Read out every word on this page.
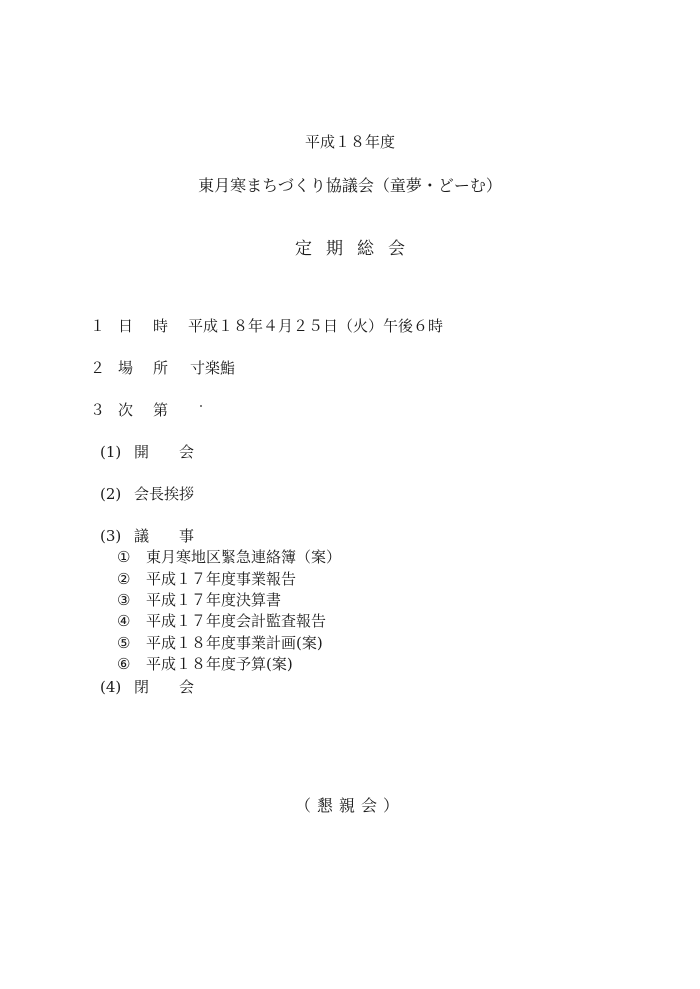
平成１８年度
東月寒まちづくり協議会（童夢・どーむ）
定期総会
１ 日時 平成１８年４月２５日（火）午後６時
２ 場所 寸楽鮨
３ 次第
(1) 開会
(2) 会長挨拶
(3) 議事
① 東月寒地区緊急連絡簿（案）
② 平成１７年度事業報告
③ 平成１７年度決算書
④ 平成１７年度会計監査報告
⑤ 平成１８年度事業計画(案)
⑥ 平成１８年度予算(案)
(4) 閉会
（懇親会）
